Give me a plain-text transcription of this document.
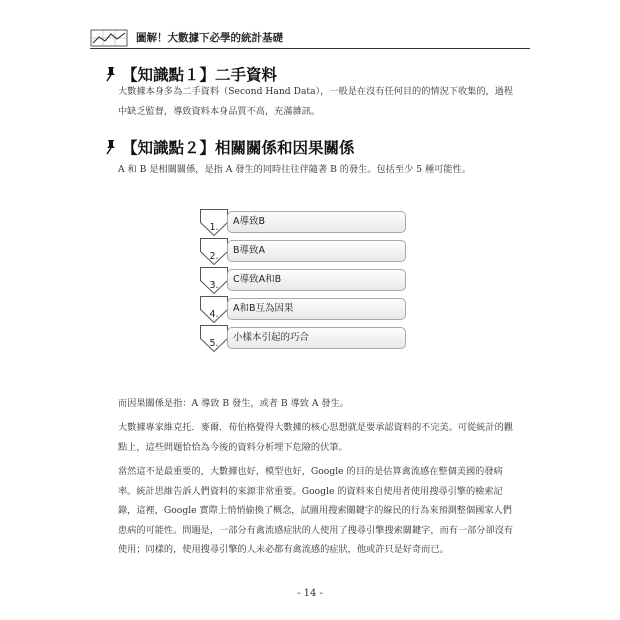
圖解！大數據下必學的統計基礎
【知識點１】二手資料

大數據本身多為二手資料（Second Hand Data），一般是在沒有任何目的的情況下收集的，過程中缺乏監督，導致資料本身品質不高，充滿雜訊。

【知識點２】相關關係和因果關係

A 和 B 是相關關係，是指 A 發生的同時往往伴隨著 B 的發生。包括至少 5 種可能性。

1.
A導致B
2.
B導致A
3.
C導致A和B
4.
A和B互為因果
5.
小樣本引起的巧合

而因果關係是指：A 導致 B 發生，或者 B 導致 A 發生。

大數據專家維克托．麥爾．荀伯格覺得大數據的核心思想就是要承認資料的不完美。可從統計的觀點上，這些問題恰恰為今後的資料分析埋下危險的伏筆。

當然這不是最重要的，大數據也好，模型也好，Google 的目的是估算禽流感在整個美國的發病率。統計思維告訴人們資料的來源非常重要。Google 的資料來自使用者使用搜尋引擎的檢索記錄，這裡，Google 實際上悄悄偷換了概念，試圖用搜索關鍵字的線民的行為來預測整個國家人們患病的可能性。問題是，一部分有禽流感症狀的人使用了搜尋引擎搜索關鍵字，而有一部分卻沒有使用；同樣的，使用搜尋引擎的人未必都有禽流感的症狀，他或許只是好奇而已。

- 14 -
